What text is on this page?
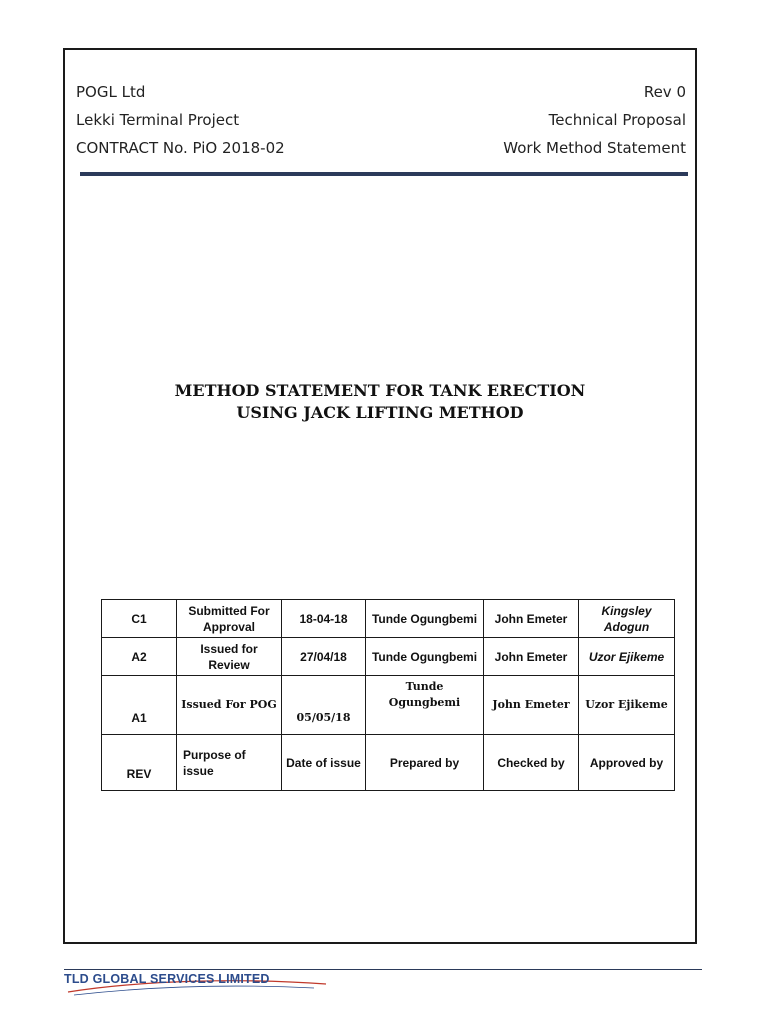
POGL Ltd
Lekki Terminal Project
CONTRACT No. PiO 2018-02
Rev 0
Technical Proposal
Work Method Statement
METHOD STATEMENT FOR TANK ERECTION
USING JACK LIFTING METHOD
C1	Submitted For Approval	18-04-18	Tunde Ogungbemi	John Emeter	Kingsley Adogun
A2	Issued for Review	27/04/18	Tunde Ogungbemi	John Emeter	Uzor Ejikeme
A1	Issued For POG	05/05/18	Tunde Ogungbemi	John Emeter	Uzor Ejikeme
REV	Purpose of issue	Date of issue	Prepared by	Checked by	Approved by
TLD GLOBAL SERVICES LIMITED
